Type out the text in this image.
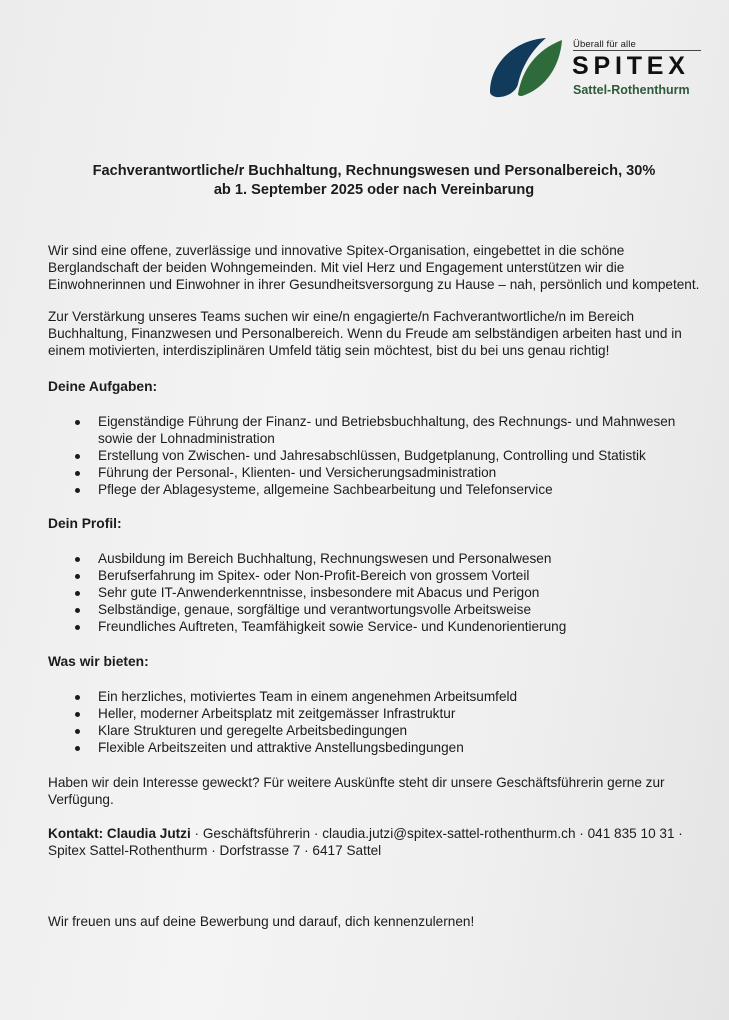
Überall für alle
SPITEX
Sattel-Rothenthurm
Fachverantwortliche/r Buchhaltung, Rechnungswesen und Personalbereich, 30%
ab 1. September 2025 oder nach Vereinbarung

Wir sind eine offene, zuverlässige und innovative Spitex-Organisation, eingebettet in die schöne Berglandschaft der beiden Wohngemeinden. Mit viel Herz und Engagement unterstützen wir die Einwohnerinnen und Einwohner in ihrer Gesundheitsversorgung zu Hause – nah, persönlich und kompetent.

Zur Verstärkung unseres Teams suchen wir eine/n engagierte/n Fachverantwortliche/n im Bereich Buchhaltung, Finanzwesen und Personalbereich. Wenn du Freude am selbständigen arbeiten hast und in einem motivierten, interdisziplinären Umfeld tätig sein möchtest, bist du bei uns genau richtig!

Deine Aufgaben:
Eigenständige Führung der Finanz- und Betriebsbuchhaltung, des Rechnungs- und Mahnwesen sowie der Lohnadministration
Erstellung von Zwischen- und Jahresabschlüssen, Budgetplanung, Controlling und Statistik
Führung der Personal-, Klienten- und Versicherungsadministration
Pflege der Ablagesysteme, allgemeine Sachbearbeitung und Telefonservice
Dein Profil:
Ausbildung im Bereich Buchhaltung, Rechnungswesen und Personalwesen
Berufserfahrung im Spitex- oder Non-Profit-Bereich von grossem Vorteil
Sehr gute IT-Anwenderkenntnisse, insbesondere mit Abacus und Perigon
Selbständige, genaue, sorgfältige und verantwortungsvolle Arbeitsweise
Freundliches Auftreten, Teamfähigkeit sowie Service- und Kundenorientierung
Was wir bieten:
Ein herzliches, motiviertes Team in einem angenehmen Arbeitsumfeld
Heller, moderner Arbeitsplatz mit zeitgemässer Infrastruktur
Klare Strukturen und geregelte Arbeitsbedingungen
Flexible Arbeitszeiten und attraktive Anstellungsbedingungen

Haben wir dein Interesse geweckt? Für weitere Auskünfte steht dir unsere Geschäftsführerin gerne zur Verfügung.

Kontakt: Claudia Jutzi · Geschäftsführerin · claudia.jutzi@spitex-sattel-rothenthurm.ch · 041 835 10 31 · Spitex Sattel-Rothenthurm · Dorfstrasse 7 · 6417 Sattel

Wir freuen uns auf deine Bewerbung und darauf, dich kennenzulernen!
